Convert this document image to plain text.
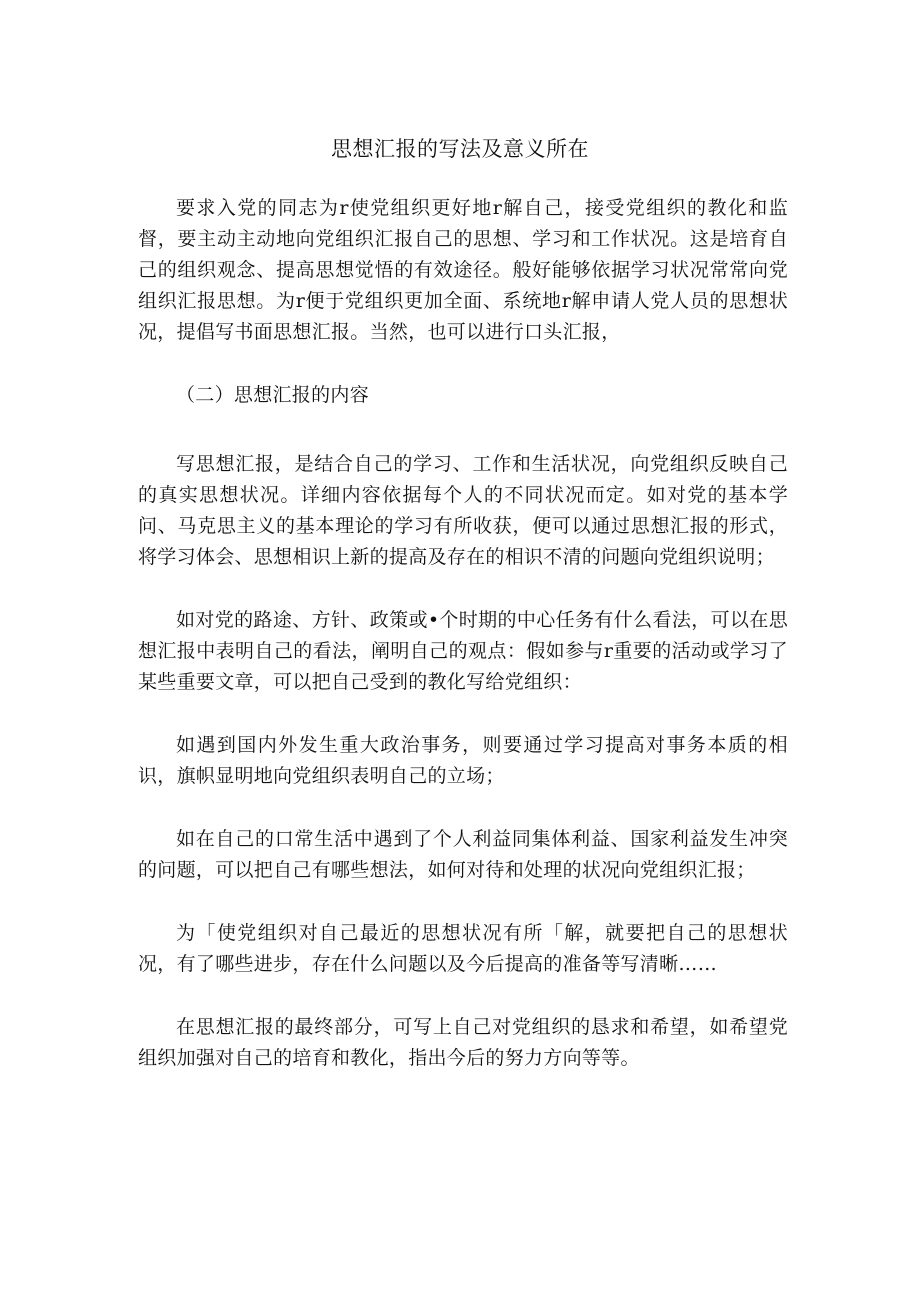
思想汇报的写法及意义所在

要求入党的同志为r使党组织更好地r解自己，接受党组织的教化和监督，要主动主动地向党组织汇报自己的思想、学习和工作状况。这是培育自己的组织观念、提高思想觉悟的有效途径。般好能够依据学习状况常常向党组织汇报思想。为r便于党组织更加全面、系统地r解申请人党人员的思想状况，提倡写书面思想汇报。当然，也可以进行口头汇报，

（二）思想汇报的内容

写思想汇报，是结合自己的学习、工作和生活状况，向党组织反映自己的真实思想状况。详细内容依据每个人的不同状况而定。如对党的基本学问、马克思主义的基本理论的学习有所收获，便可以通过思想汇报的形式，将学习体会、思想相识上新的提高及存在的相识不清的问题向党组织说明；

如对党的路途、方针、政策或•个时期的中心任务有什么看法，可以在思想汇报中表明自己的看法，阐明自己的观点：假如参与r重要的活动或学习了某些重要文章，可以把自己受到的教化写给党组织：

如遇到国内外发生重大政治事务，则要通过学习提高对事务本质的相识，旗帜显明地向党组织表明自己的立场；

如在自己的口常生活中遇到了个人利益同集体利益、国家利益发生冲突的问题，可以把自己有哪些想法，如何对待和处理的状况向党组织汇报；

为「使党组织对自己最近的思想状况有所「解，就要把自己的思想状况，有了哪些进步，存在什么问题以及今后提高的准备等写清晰……

在思想汇报的最终部分，可写上自己对党组织的恳求和希望，如希望党组织加强对自己的培育和教化，指出今后的努力方向等等。
